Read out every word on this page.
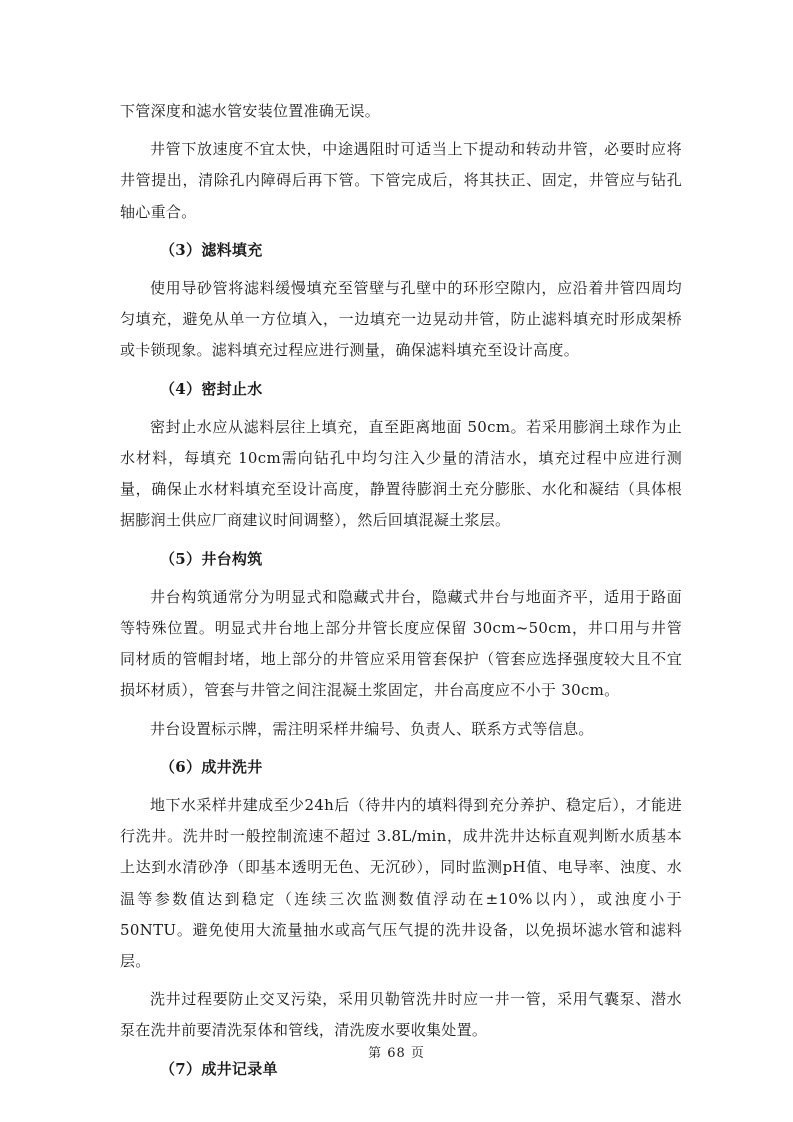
下管深度和滤水管安装位置准确无误。

井管下放速度不宜太快，中途遇阻时可适当上下提动和转动井管，必要时应将井管提出，清除孔内障碍后再下管。下管完成后，将其扶正、固定，井管应与钻孔轴心重合。

（3）滤料填充

使用导砂管将滤料缓慢填充至管壁与孔壁中的环形空隙内，应沿着井管四周均匀填充，避免从单一方位填入，一边填充一边晃动井管，防止滤料填充时形成架桥或卡锁现象。滤料填充过程应进行测量，确保滤料填充至设计高度。

（4）密封止水

密封止水应从滤料层往上填充，直至距离地面 50cm。若采用膨润土球作为止水材料，每填充 10cm需向钻孔中均匀注入少量的清洁水，填充过程中应进行测量，确保止水材料填充至设计高度，静置待膨润土充分膨胀、水化和凝结（具体根据膨润土供应厂商建议时间调整），然后回填混凝土浆层。

（5）井台构筑

井台构筑通常分为明显式和隐藏式井台，隐藏式井台与地面齐平，适用于路面等特殊位置。明显式井台地上部分井管长度应保留 30cm~50cm，井口用与井管同材质的管帽封堵，地上部分的井管应采用管套保护（管套应选择强度较大且不宜损坏材质），管套与井管之间注混凝土浆固定，井台高度应不小于 30cm。

井台设置标示牌，需注明采样井编号、负责人、联系方式等信息。

（6）成井洗井

地下水采样井建成至少24h后（待井内的填料得到充分养护、稳定后），才能进行洗井。洗井时一般控制流速不超过 3.8L/min，成井洗井达标直观判断水质基本上达到水清砂净（即基本透明无色、无沉砂），同时监测pH值、电导率、浊度、水温等参数值达到稳定（连续三次监测数值浮动在±10%以内），或浊度小于 50NTU。避免使用大流量抽水或高气压气提的洗井设备，以免损坏滤水管和滤料层。

洗井过程要防止交叉污染，采用贝勒管洗井时应一井一管，采用气囊泵、潜水泵在洗井前要清洗泵体和管线，清洗废水要收集处置。

（7）成井记录单
第 68 页
